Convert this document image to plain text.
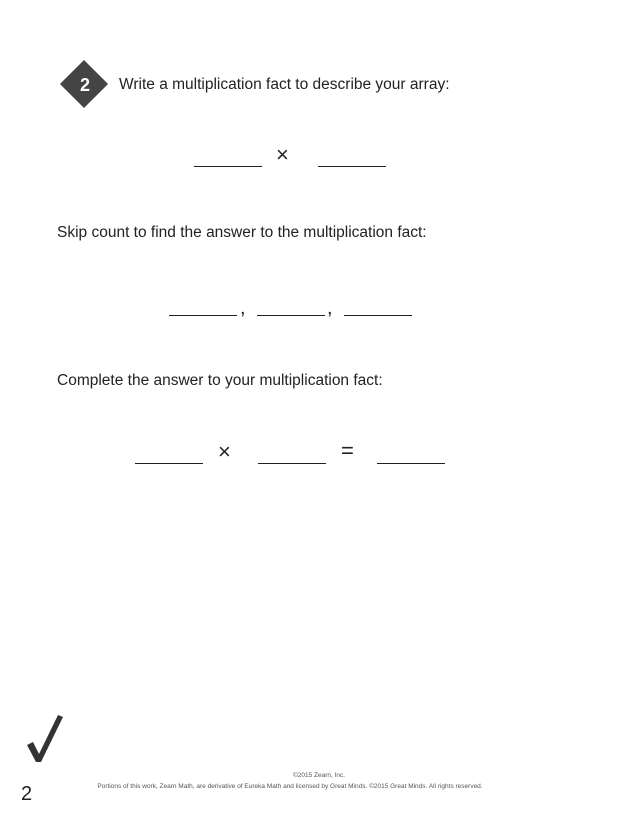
2	Write a multiplication fact to describe your array:
×
Skip count to find the answer to the multiplication fact:
,	,
Complete the answer to your multiplication fact:
×	=
2
©2015 Zearn, Inc.
Portions of this work, Zearn Math, are derivative of Eureka Math and licensed by Great Minds. ©2015 Great Minds. All rights reserved.
